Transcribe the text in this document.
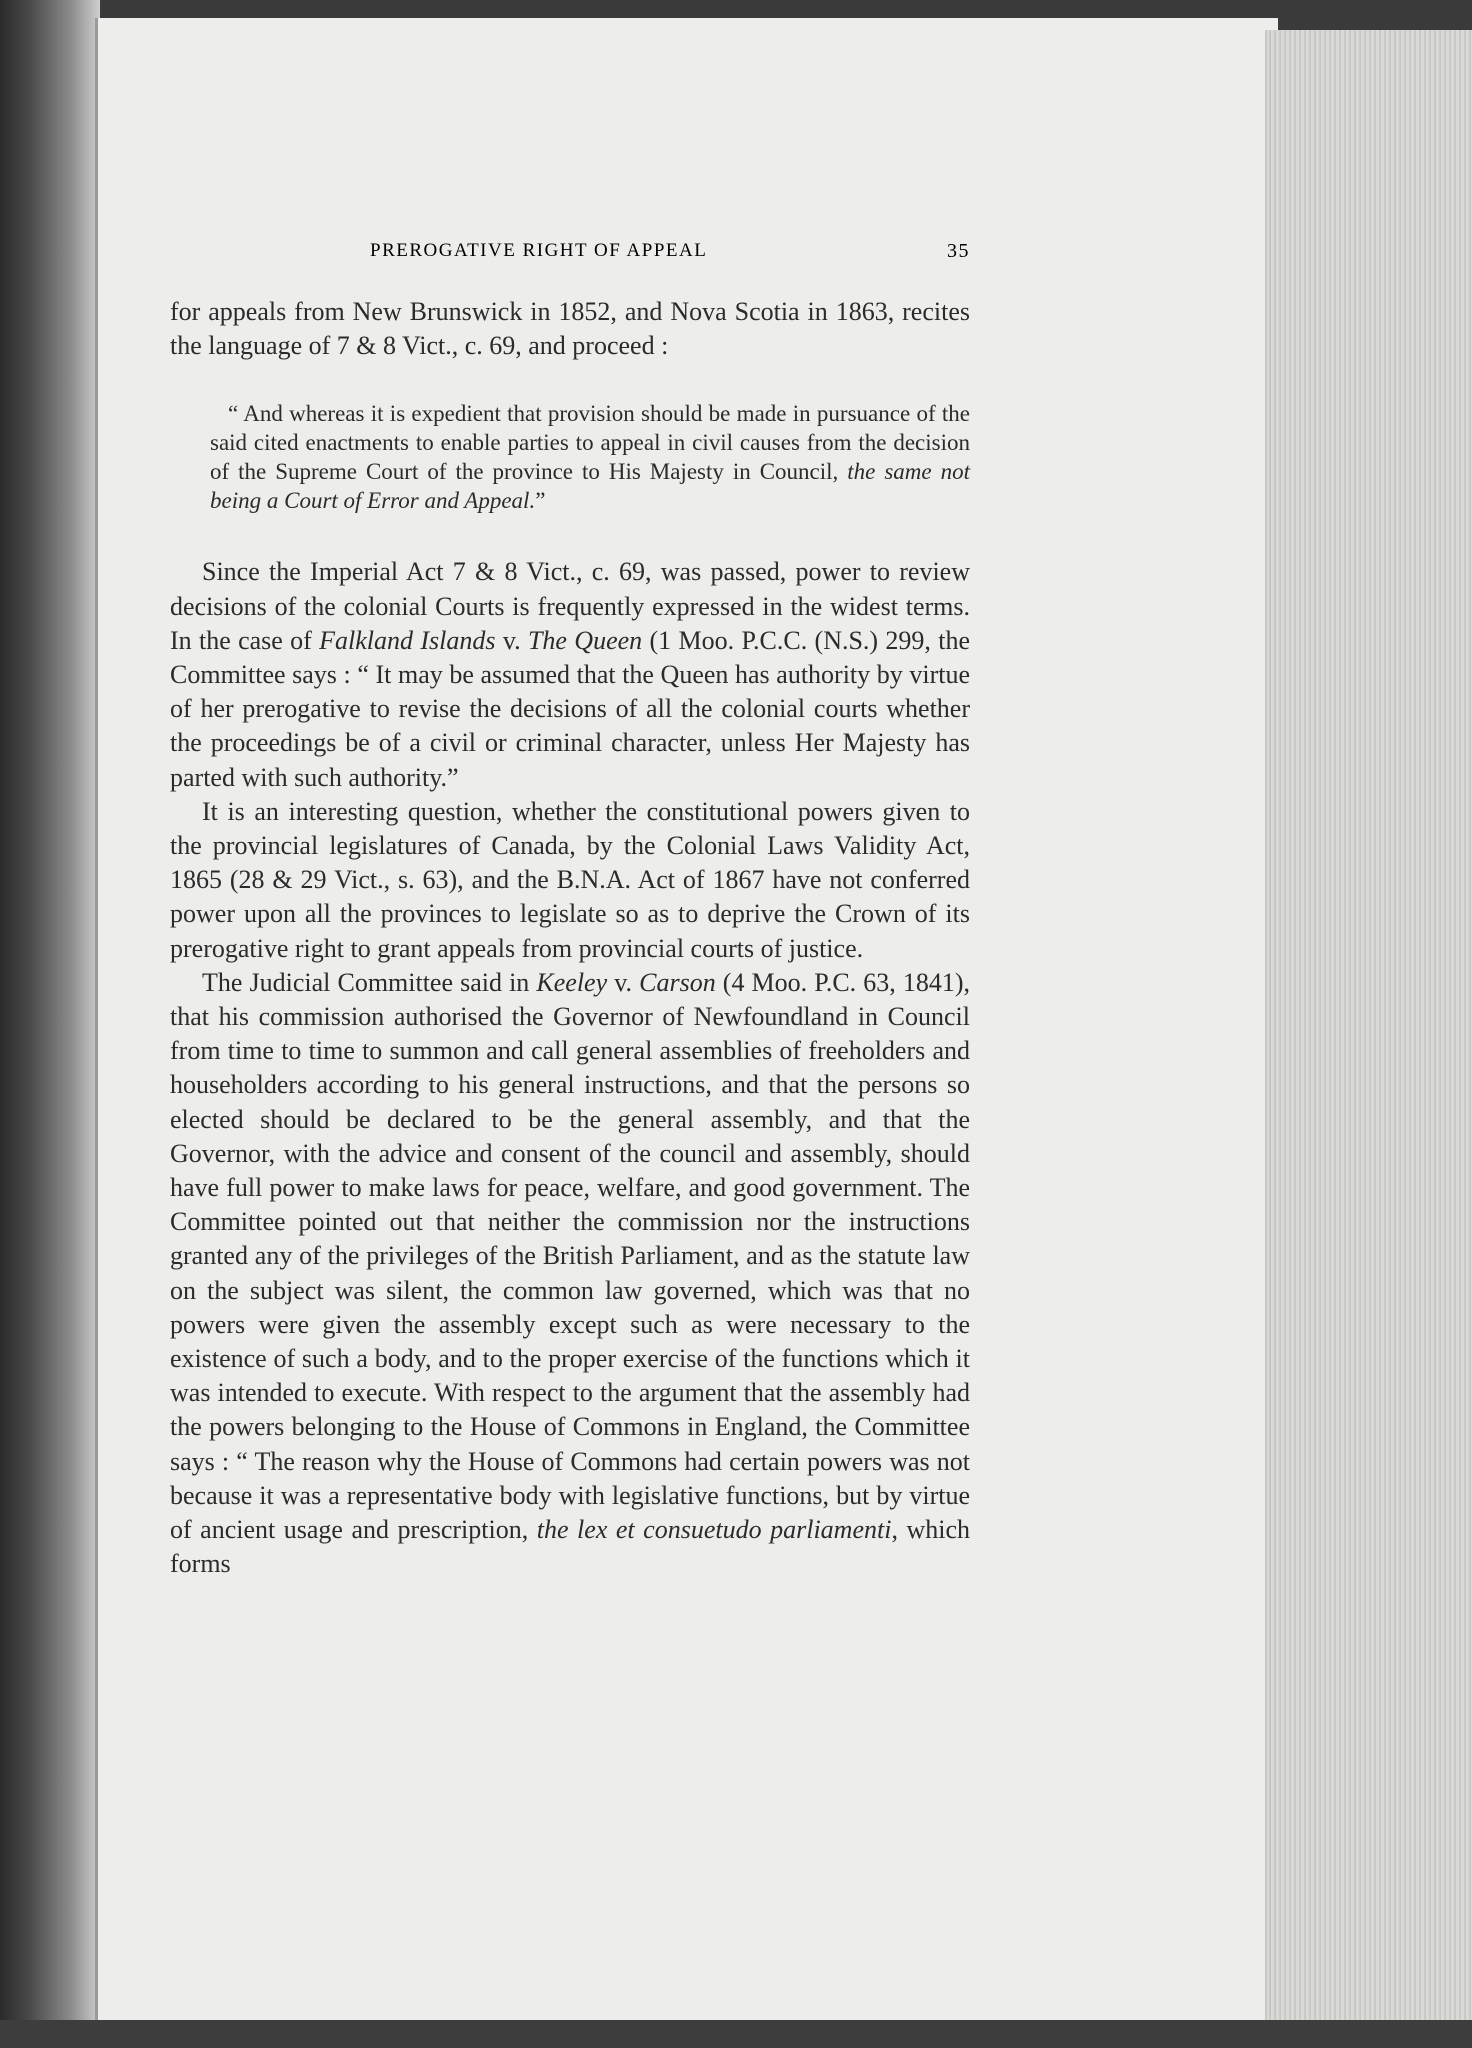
PREROGATIVE RIGHT OF APPEAL	35

for appeals from New Brunswick in 1852, and Nova Scotia in 1863, recites the language of 7 & 8 Vict., c. 69, and proceed :

“ And whereas it is expedient that provision should be made in pursuance of the said cited enactments to enable parties to appeal in civil causes from the decision of the Supreme Court of the province to His Majesty in Council, the same not being a Court of Error and Appeal.”

Since the Imperial Act 7 & 8 Vict., c. 69, was passed, power to review decisions of the colonial Courts is frequently expressed in the widest terms. In the case of Falkland Islands v. The Queen (1 Moo. P.C.C. (N.S.) 299, the Committee says : “ It may be assumed that the Queen has authority by virtue of her prerogative to revise the decisions of all the colonial courts whether the proceedings be of a civil or criminal character, unless Her Majesty has parted with such authority.”

It is an interesting question, whether the constitutional powers given to the provincial legislatures of Canada, by the Colonial Laws Validity Act, 1865 (28 & 29 Vict., s. 63), and the B.N.A. Act of 1867 have not conferred power upon all the provinces to legislate so as to deprive the Crown of its prerogative right to grant appeals from provincial courts of justice.

The Judicial Committee said in Keeley v. Carson (4 Moo. P.C. 63, 1841), that his commission authorised the Governor of Newfoundland in Council from time to time to summon and call general assemblies of freeholders and householders according to his general instructions, and that the persons so elected should be declared to be the general assembly, and that the Governor, with the advice and consent of the council and assembly, should have full power to make laws for peace, welfare, and good government. The Committee pointed out that neither the commission nor the instructions granted any of the privileges of the British Parliament, and as the statute law on the subject was silent, the common law governed, which was that no powers were given the assembly except such as were necessary to the existence of such a body, and to the proper exercise of the functions which it was intended to execute. With respect to the argument that the assembly had the powers belonging to the House of Commons in England, the Committee says : “ The reason why the House of Commons had certain powers was not because it was a representative body with legislative functions, but by virtue of ancient usage and prescription, the lex et consuetudo parliamenti, which forms
